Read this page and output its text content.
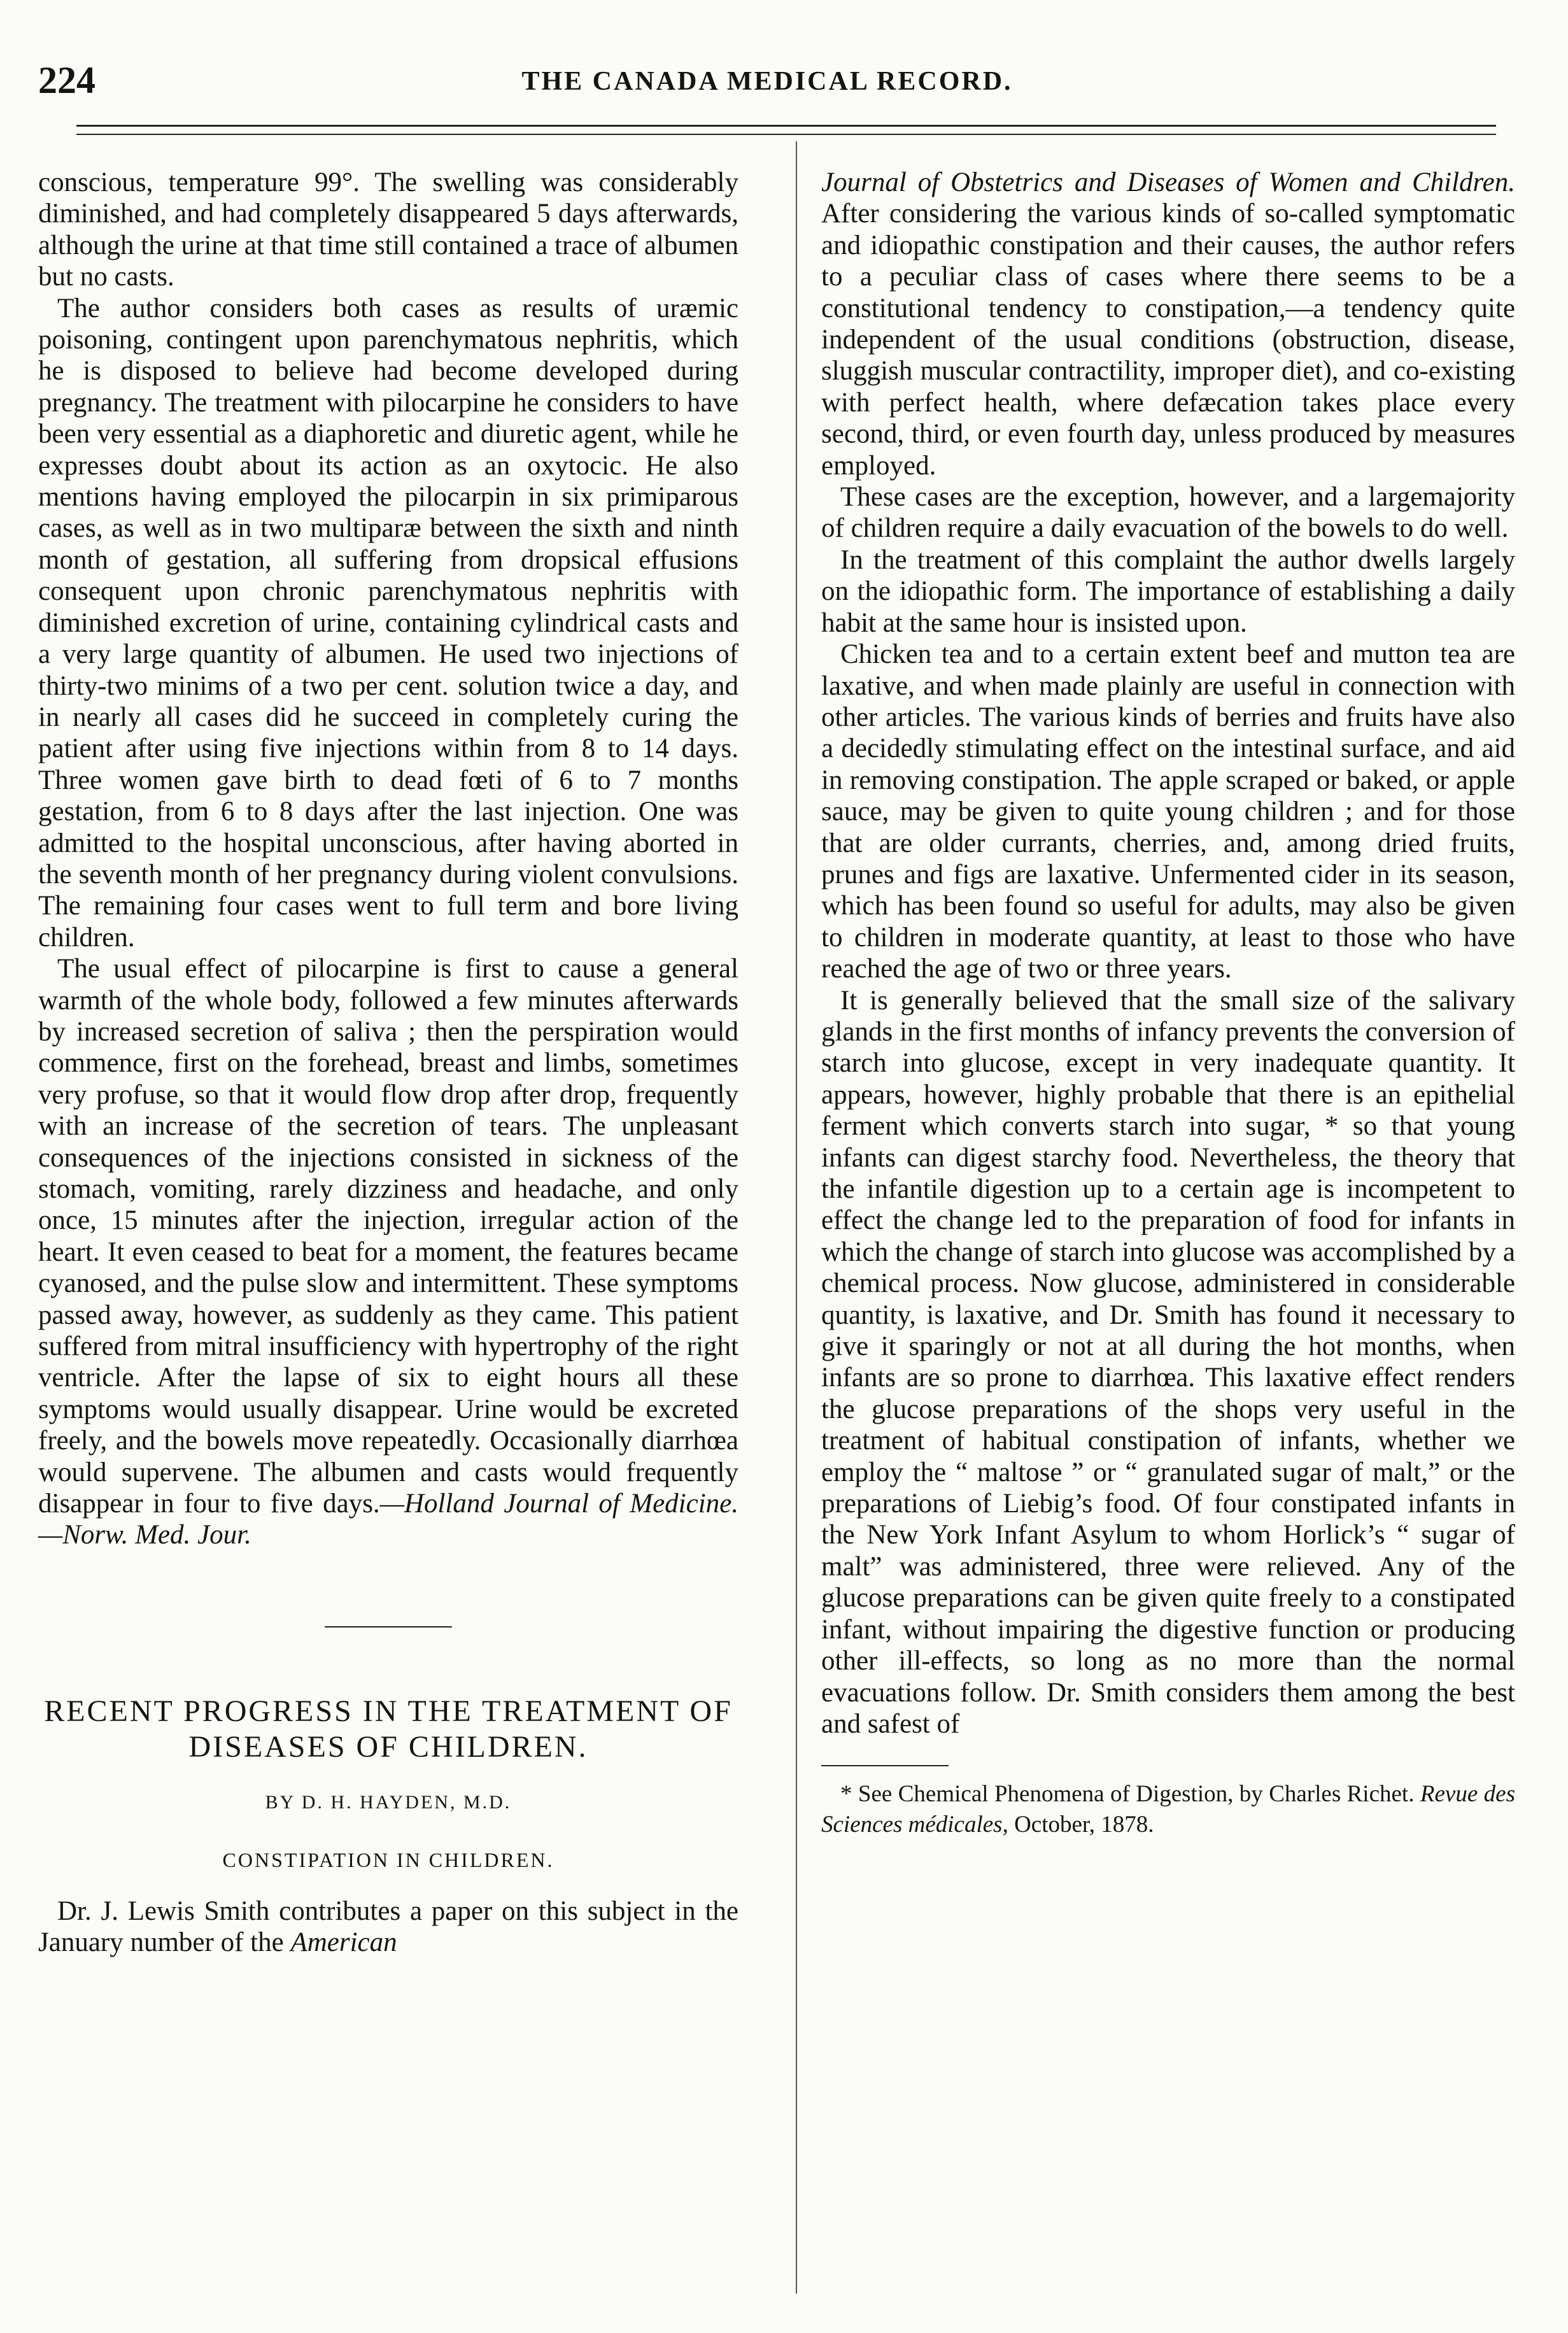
224	THE CANADA MEDICAL RECORD.

conscious, temperature 99°. The swelling was considerably diminished, and had completely disappeared 5 days afterwards, although the urine at that time still contained a trace of albumen but no casts.

The author considers both cases as results of uræmic poisoning, contingent upon parenchymatous nephritis, which he is disposed to believe had become developed during pregnancy. The treatment with pilocarpine he considers to have been very essential as a diaphoretic and diuretic agent, while he expresses doubt about its action as an oxytocic. He also mentions having employed the pilocarpin in six primiparous cases, as well as in two multiparæ between the sixth and ninth month of gestation, all suffering from dropsical effusions consequent upon chronic parenchymatous nephritis with diminished excretion of urine, containing cylindrical casts and a very large quantity of albumen. He used two injections of thirty-two minims of a two per cent. solution twice a day, and in nearly all cases did he succeed in completely curing the patient after using five injections within from 8 to 14 days. Three women gave birth to dead fœti of 6 to 7 months gestation, from 6 to 8 days after the last injection. One was admitted to the hospital unconscious, after having aborted in the seventh month of her pregnancy during violent convulsions. The remaining four cases went to full term and bore living children.

The usual effect of pilocarpine is first to cause a general warmth of the whole body, followed a few minutes afterwards by increased secretion of saliva ; then the perspiration would commence, first on the forehead, breast and limbs, sometimes very profuse, so that it would flow drop after drop, frequently with an increase of the secretion of tears. The unpleasant consequences of the injections consisted in sickness of the stomach, vomiting, rarely dizziness and headache, and only once, 15 minutes after the injection, irregular action of the heart. It even ceased to beat for a moment, the features became cyanosed, and the pulse slow and intermittent. These symptoms passed away, however, as suddenly as they came. This patient suffered from mitral insufficiency with hypertrophy of the right ventricle. After the lapse of six to eight hours all these symptoms would usually disappear. Urine would be excreted freely, and the bowels move repeatedly. Occasionally diarrhœa would supervene. The albumen and casts would frequently disappear in four to five days.—Holland Journal of Medicine.—Norw. Med. Jour.

RECENT PROGRESS IN THE TREATMENT OF DISEASES OF CHILDREN.
BY D. H. HAYDEN, M.D.
CONSTIPATION IN CHILDREN.

Dr. J. Lewis Smith contributes a paper on this subject in the January number of the American

Journal of Obstetrics and Diseases of Women and Children. After considering the various kinds of so-called symptomatic and idiopathic constipation and their causes, the author refers to a peculiar class of cases where there seems to be a constitutional tendency to constipation,—a tendency quite independent of the usual conditions (obstruction, disease, sluggish muscular contractility, improper diet), and co-existing with perfect health, where defæcation takes place every second, third, or even fourth day, unless produced by measures employed.

These cases are the exception, however, and a largemajority of children require a daily evacuation of the bowels to do well.

In the treatment of this complaint the author dwells largely on the idiopathic form. The importance of establishing a daily habit at the same hour is insisted upon.

Chicken tea and to a certain extent beef and mutton tea are laxative, and when made plainly are useful in connection with other articles. The various kinds of berries and fruits have also a decidedly stimulating effect on the intestinal surface, and aid in removing constipation. The apple scraped or baked, or apple sauce, may be given to quite young children ; and for those that are older currants, cherries, and, among dried fruits, prunes and figs are laxative. Unfermented cider in its season, which has been found so useful for adults, may also be given to children in moderate quantity, at least to those who have reached the age of two or three years.

It is generally believed that the small size of the salivary glands in the first months of infancy prevents the conversion of starch into glucose, except in very inadequate quantity. It appears, however, highly probable that there is an epithelial ferment which converts starch into sugar, * so that young infants can digest starchy food. Nevertheless, the theory that the infantile digestion up to a certain age is incompetent to effect the change led to the preparation of food for infants in which the change of starch into glucose was accomplished by a chemical process. Now glucose, administered in considerable quantity, is laxative, and Dr. Smith has found it necessary to give it sparingly or not at all during the hot months, when infants are so prone to diarrhœa. This laxative effect renders the glucose preparations of the shops very useful in the treatment of habitual constipation of infants, whether we employ the “ maltose ” or “ granulated sugar of malt,” or the preparations of Liebig’s food. Of four constipated infants in the New York Infant Asylum to whom Horlick’s “ sugar of malt” was administered, three were relieved. Any of the glucose preparations can be given quite freely to a constipated infant, without impairing the digestive function or producing other ill-effects, so long as no more than the normal evacuations follow. Dr. Smith considers them among the best and safest of

* See Chemical Phenomena of Digestion, by Charles Richet. Revue des Sciences médicales, October, 1878.
